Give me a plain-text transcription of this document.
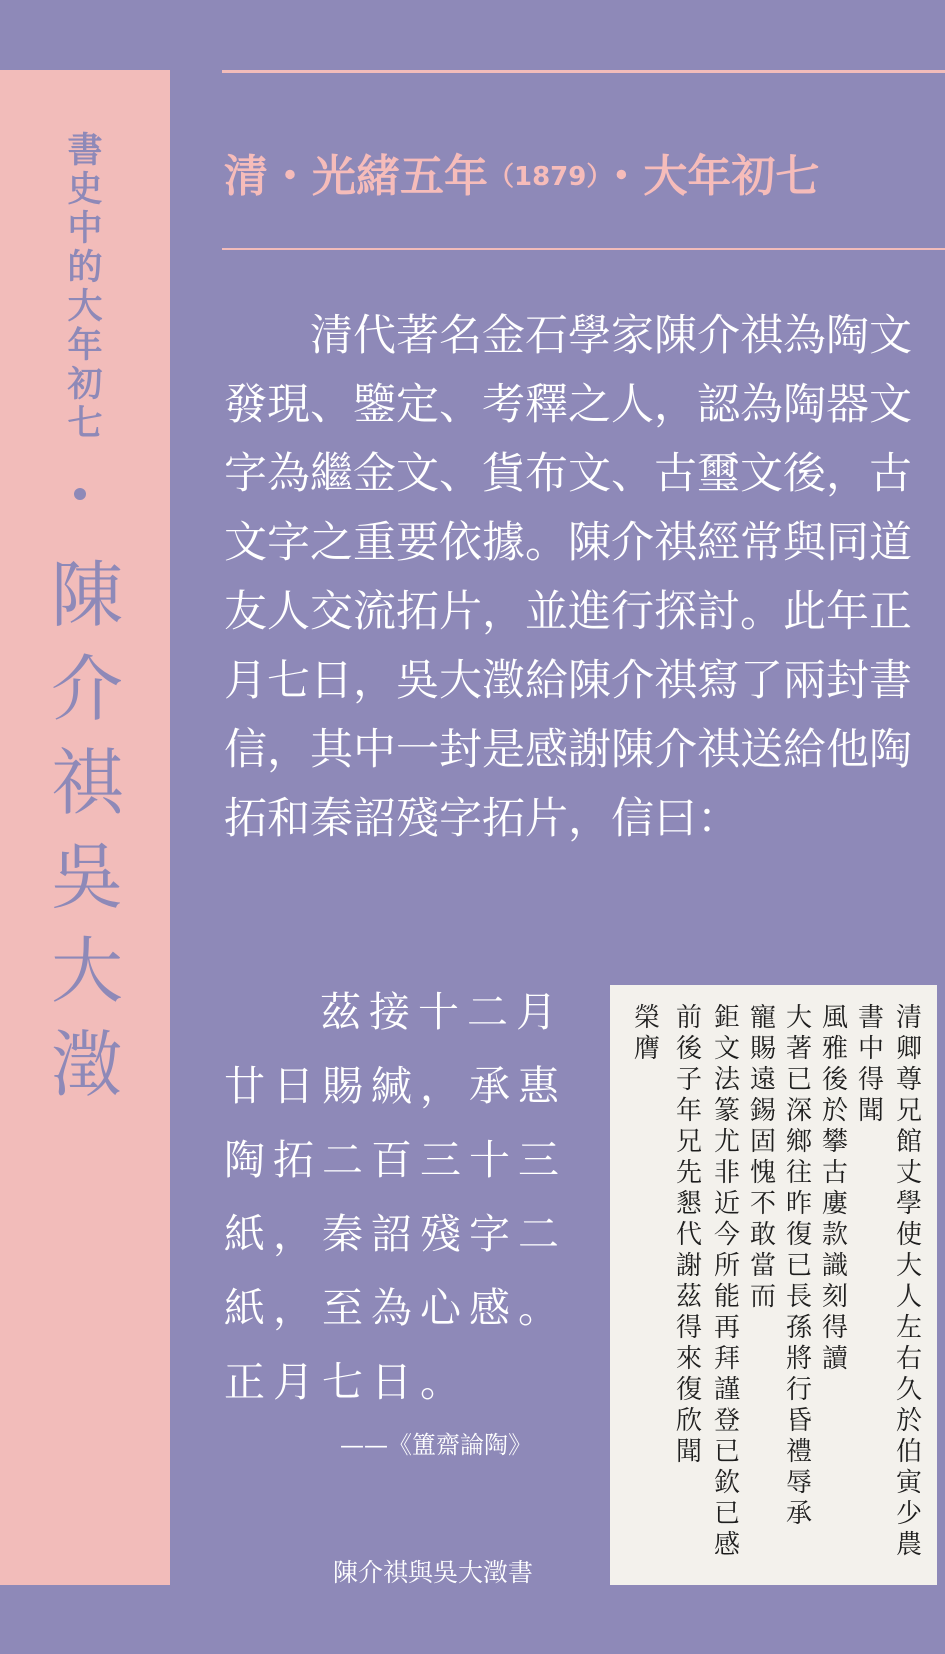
書史中的大年初七
陳介祺 吳大澂
清・光緒五年（1879）・大年初七
清代著名金石學家陳介祺為陶文發現、鑒定、考釋之人，認為陶器文字為繼金文、貨布文、古璽文後，古文字之重要依據。陳介祺經常與同道友人交流拓片，並進行探討。此年正月七日，吳大澂給陳介祺寫了兩封書信，其中一封是感謝陳介祺送給他陶拓和秦詔殘字拓片，信曰：
茲接十二月廿日賜緘，承惠陶拓二百三十三紙，秦詔殘字二紙，至為心感。正月七日。
——《簠齋論陶》
清卿尊兄館丈學使大人左右久於伯寅少農
書中得聞
風雅後於攀古廔款識刻得讀
大著已深鄉往昨復已長孫將行昏禮辱承
寵賜遠錫固愧不敢當而
鉅文法篆尤非近今所能再拜謹登已欽已感
前後子年兄先懇代謝茲得來復欣聞
榮膺
陳介祺與吳大澂書
